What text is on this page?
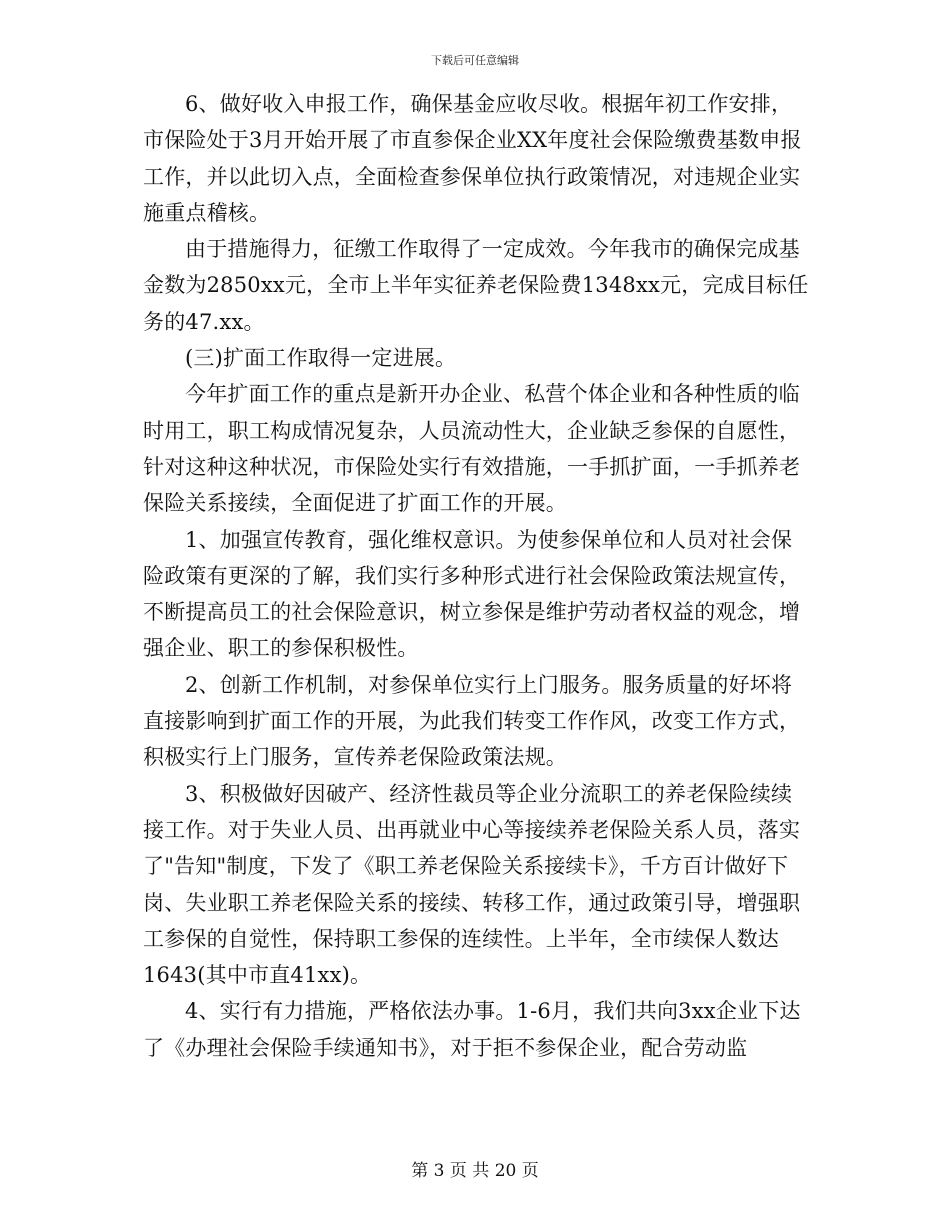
下载后可任意编辑

6、做好收入申报工作，确保基金应收尽收。根据年初工作安排，市保险处于3月开始开展了市直参保企业XX年度社会保险缴费基数申报工作，并以此切入点，全面检查参保单位执行政策情况，对违规企业实施重点稽核。

由于措施得力，征缴工作取得了一定成效。今年我市的确保完成基金数为2850xx元，全市上半年实征养老保险费1348xx元，完成目标任务的47.xx。

(三)扩面工作取得一定进展。

今年扩面工作的重点是新开办企业、私营个体企业和各种性质的临时用工，职工构成情况复杂，人员流动性大，企业缺乏参保的自愿性，针对这种这种状况，市保险处实行有效措施，一手抓扩面，一手抓养老保险关系接续，全面促进了扩面工作的开展。

1、加强宣传教育，强化维权意识。为使参保单位和人员对社会保险政策有更深的了解，我们实行多种形式进行社会保险政策法规宣传，不断提高员工的社会保险意识，树立参保是维护劳动者权益的观念，增强企业、职工的参保积极性。

2、创新工作机制，对参保单位实行上门服务。服务质量的好坏将直接影响到扩面工作的开展，为此我们转变工作作风，改变工作方式，积极实行上门服务，宣传养老保险政策法规。

3、积极做好因破产、经济性裁员等企业分流职工的养老保险续续接工作。对于失业人员、出再就业中心等接续养老保险关系人员，落实了"告知"制度，下发了《职工养老保险关系接续卡》，千方百计做好下岗、失业职工养老保险关系的接续、转移工作，通过政策引导，增强职工参保的自觉性，保持职工参保的连续性。上半年，全市续保人数达1643(其中市直41xx)。

4、实行有力措施，严格依法办事。1-6月，我们共向3xx企业下达了《办理社会保险手续通知书》，对于拒不参保企业，配合劳动监

第 3 页 共 20 页
